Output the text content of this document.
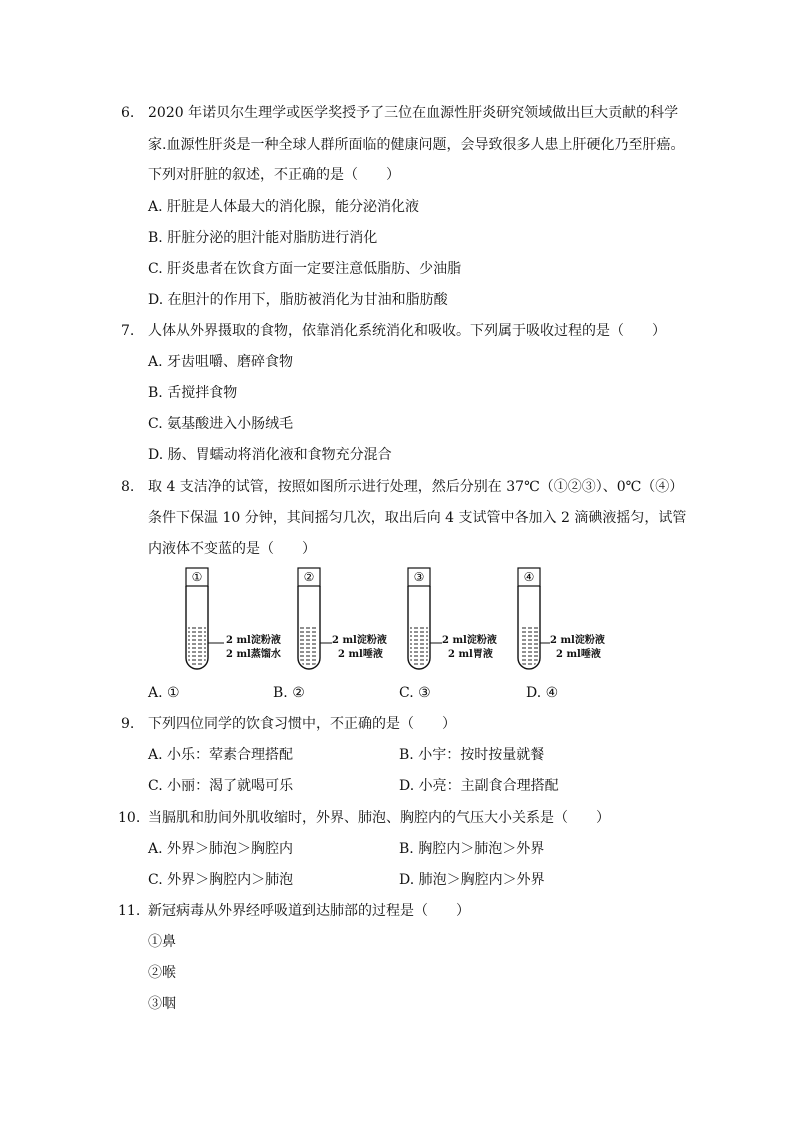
6. 2020 年诺贝尔生理学或医学奖授予了三位在血源性肝炎研究领域做出巨大贡献的科学
家.血源性肝炎是一种全球人群所面临的健康问题，会导致很多人患上肝硬化乃至肝癌。
下列对肝脏的叙述，不正确的是（　　）
A. 肝脏是人体最大的消化腺，能分泌消化液
B. 肝脏分泌的胆汁能对脂肪进行消化
C. 肝炎患者在饮食方面一定要注意低脂肪、少油脂
D. 在胆汁的作用下，脂肪被消化为甘油和脂肪酸
7. 人体从外界摄取的食物，依靠消化系统消化和吸收。下列属于吸收过程的是（　　）
A. 牙齿咀嚼、磨碎食物
B. 舌搅拌食物
C. 氨基酸进入小肠绒毛
D. 肠、胃蠕动将消化液和食物充分混合
8. 取 4 支洁净的试管，按照如图所示进行处理，然后分别在 37℃（①②③）、0℃（④）
条件下保温 10 分钟，其间摇匀几次，取出后向 4 支试管中各加入 2 滴碘液摇匀，试管
内液体不变蓝的是（　　）
①
2 ml淀粉液
2 ml蒸馏水
②
2 ml淀粉液
2 ml唾液
③
2 ml淀粉液
2 ml胃液
④
2 ml淀粉液
2 ml唾液
A. ①	B. ②	C. ③	D. ④
9. 下列四位同学的饮食习惯中，不正确的是（　　）
A. 小乐：荤素合理搭配	B. 小宇：按时按量就餐
C. 小丽：渴了就喝可乐	D. 小亮：主副食合理搭配
10. 当膈肌和肋间外肌收缩时，外界、肺泡、胸腔内的气压大小关系是（　　）
A. 外界＞肺泡＞胸腔内	B. 胸腔内＞肺泡＞外界
C. 外界＞胸腔内＞肺泡	D. 肺泡＞胸腔内＞外界
11. 新冠病毒从外界经呼吸道到达肺部的过程是（　　）
①鼻
②喉
③咽
